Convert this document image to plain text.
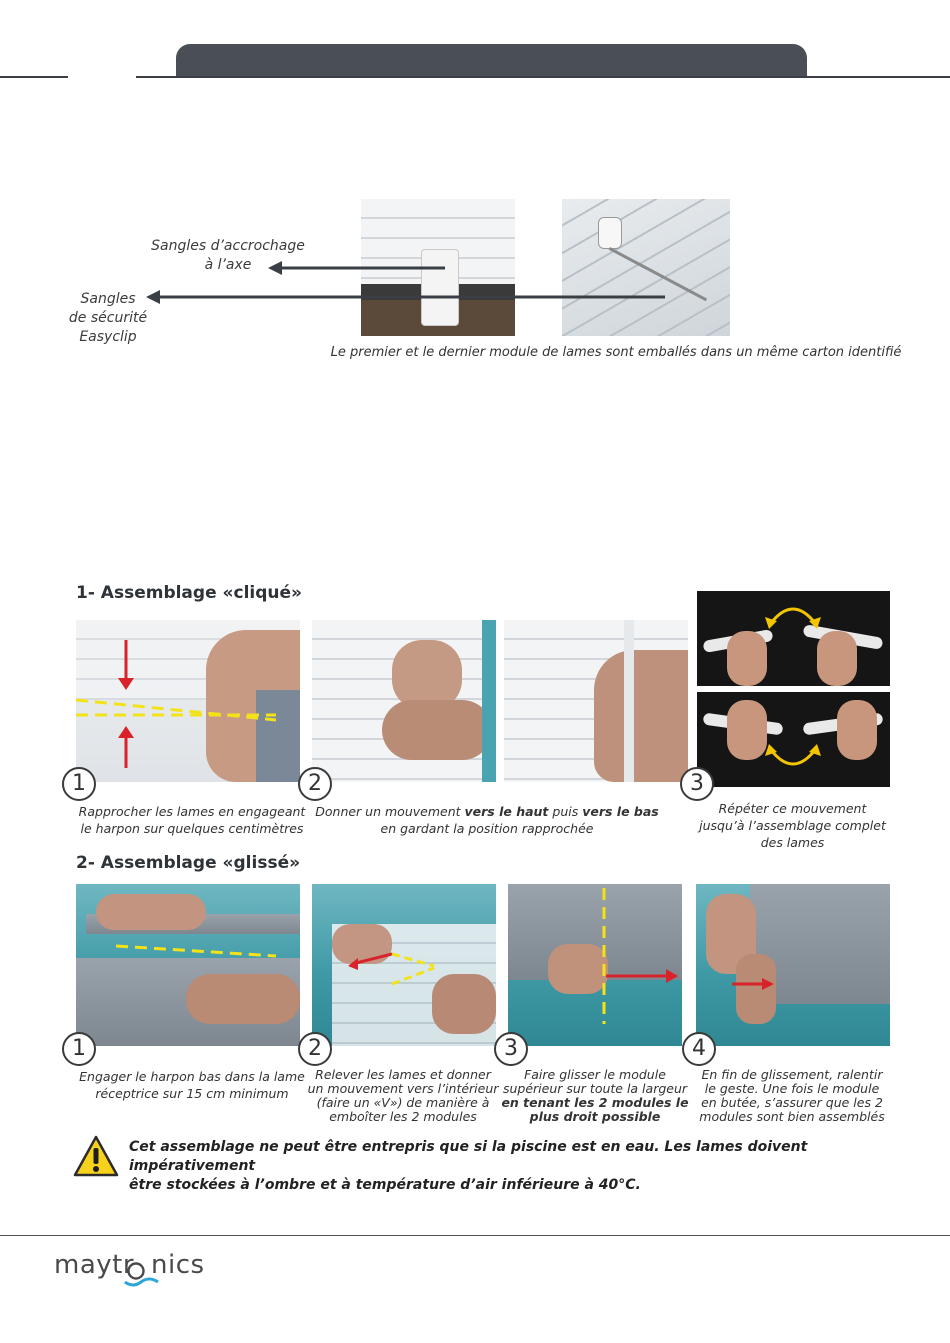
Sangles d’accrochage
à l’axe
Sangles
de sécurité
Easyclip
Le premier et le dernier module de lames sont emballés dans un même carton identifié
1- Assemblage «cliqué»
1	2	3
Rapprocher les lames en engageant
le harpon sur quelques centimètres
Donner un mouvement vers le haut puis vers le bas
en gardant la position rapprochée
Répéter ce mouvement
jusqu’à l’assemblage complet
des lames
2- Assemblage «glissé»
1	2	3	4
Engager le harpon bas dans la lame
réceptrice sur 15 cm minimum
Relever les lames et donner
un mouvement vers l’intérieur
(faire un «V») de manière à
emboîter les 2 modules
Faire glisser le module
supérieur sur toute la largeur
en tenant les 2 modules le
plus droit possible
En fin de glissement, ralentir
le geste. Une fois le module
en butée, s’assurer que les 2
modules sont bien assemblés
Cet assemblage ne peut être entrepris que si la piscine est en eau. Les lames doivent impérativement
être stockées à l’ombre et à température d’air inférieure à 40°C.
maytr nics
